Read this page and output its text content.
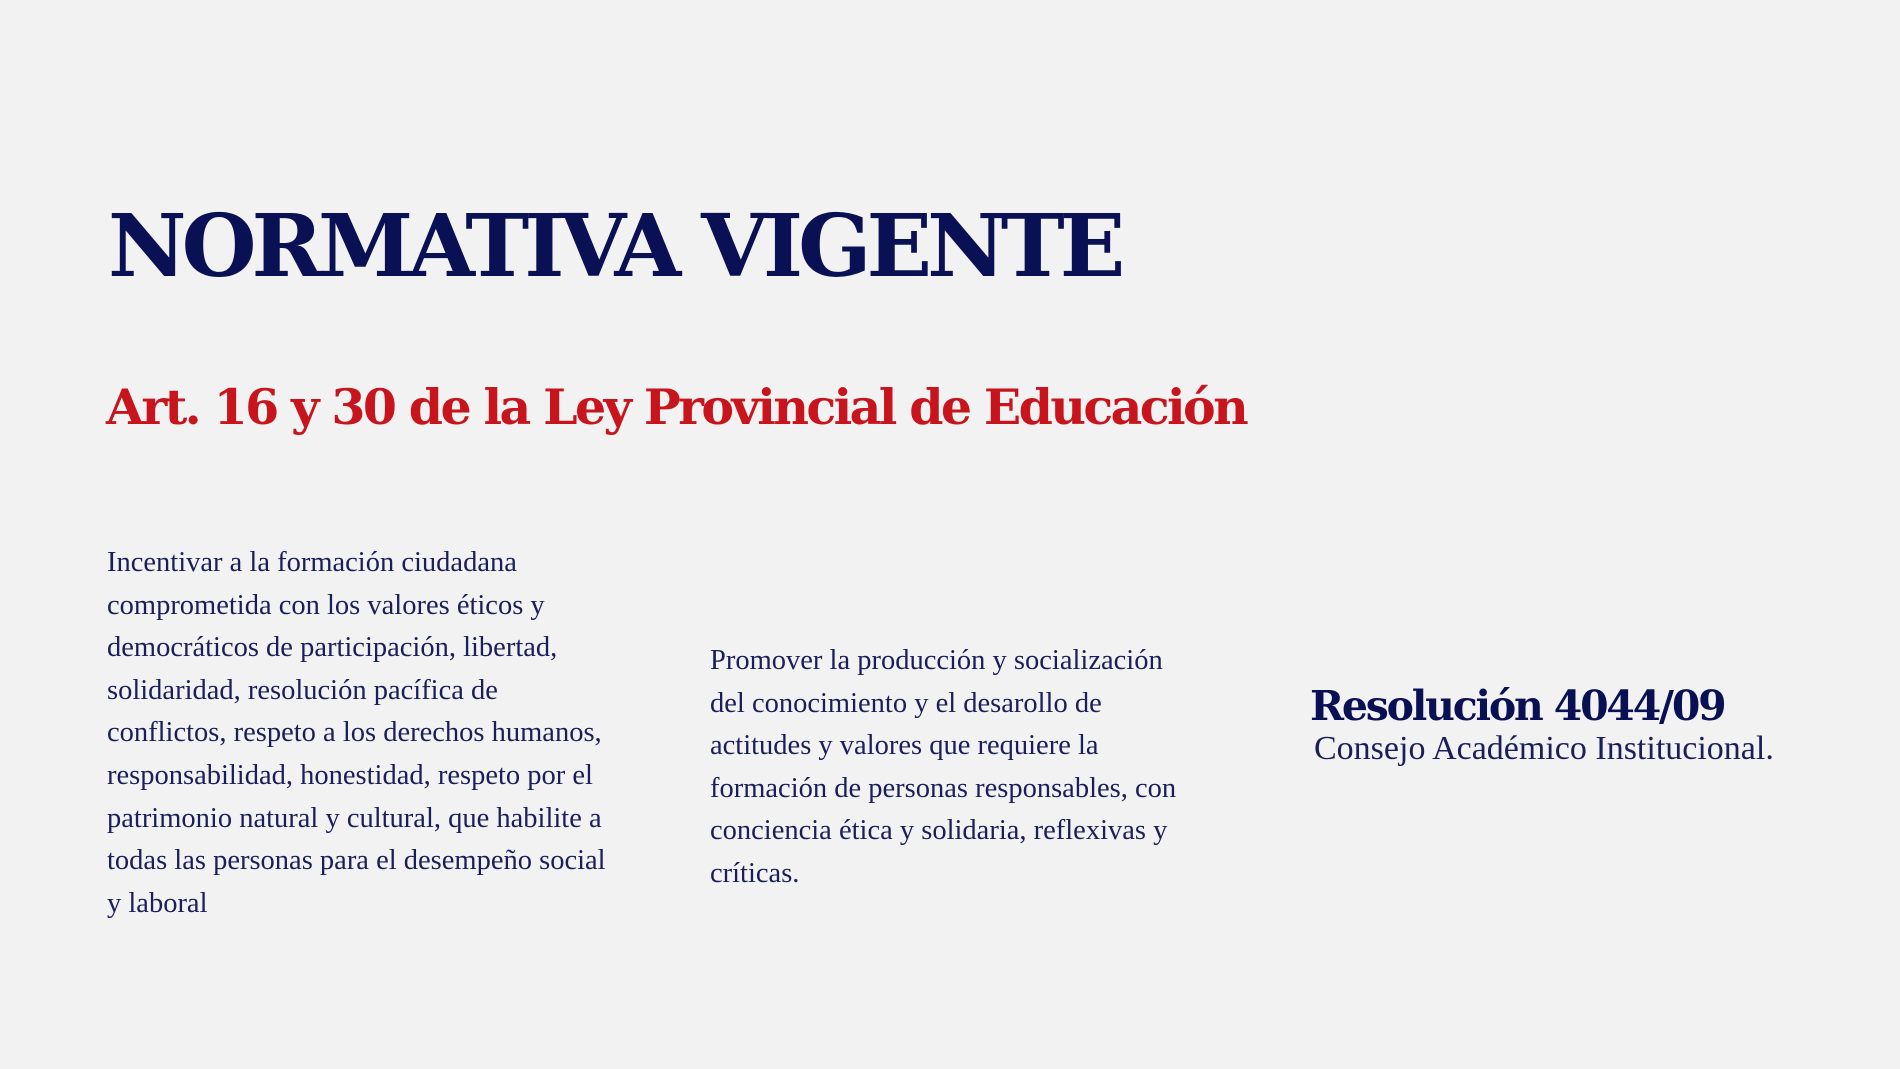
NORMATIVA VIGENTE
Art. 16 y 30 de la Ley Provincial de Educación

Incentivar a la formación ciudadana comprometida con los valores éticos y democráticos de participación, libertad, solidaridad, resolución pacífica de conflictos, respeto a los derechos humanos, responsabilidad, honestidad, respeto por el patrimonio natural y cultural, que habilite a todas las personas para el desempeño social y laboral

Promover la producción y socialización del conocimiento y el desarollo de actitudes y valores que requiere la formación de personas responsables, con conciencia ética y solidaria, reflexivas y críticas.

Resolución 4044/09

Consejo Académico Institucional.
